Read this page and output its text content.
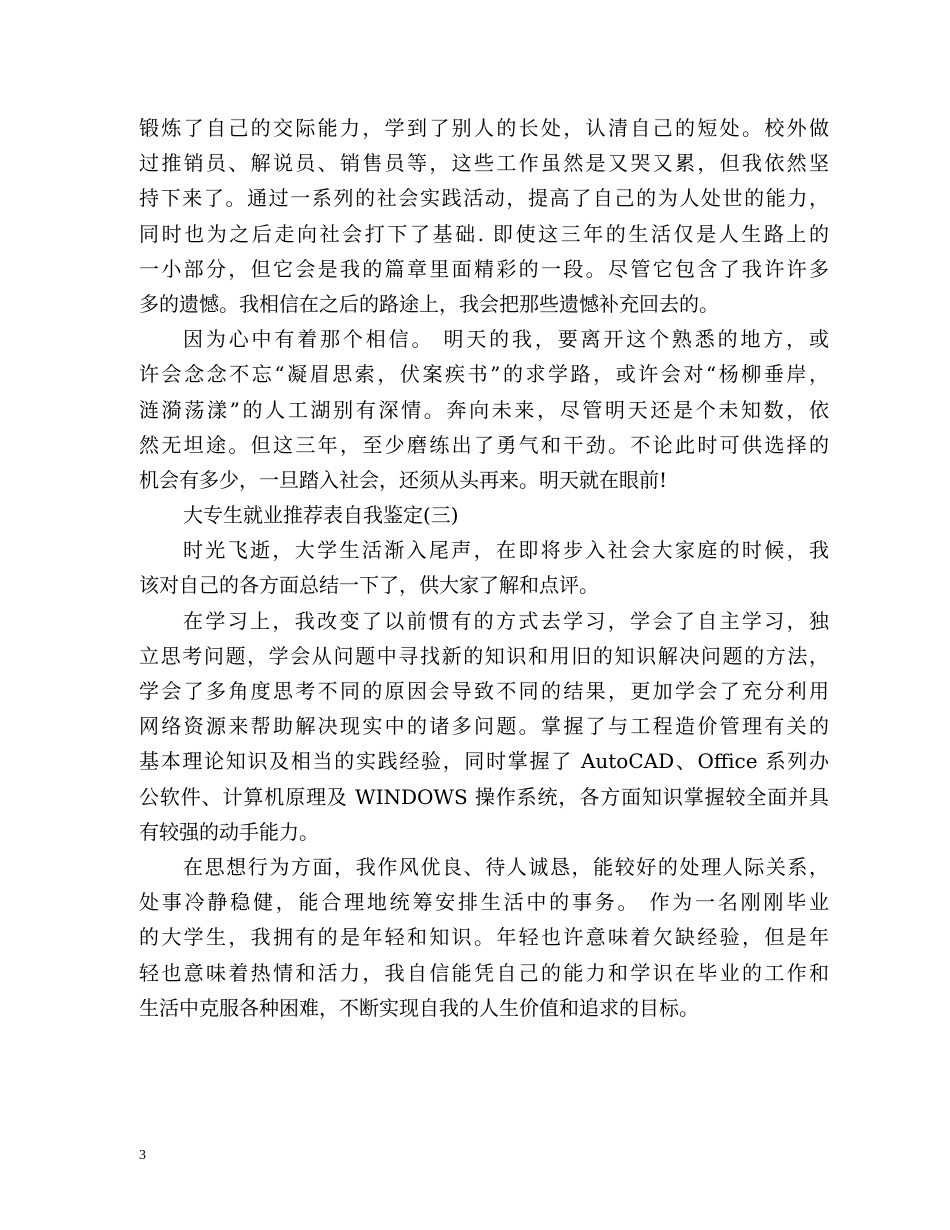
锻炼了自己的交际能力，学到了别人的长处，认清自己的短处。校外做
过推销员、解说员、销售员等，这些工作虽然是又哭又累，但我依然坚
持下来了。通过一系列的社会实践活动，提高了自己的为人处世的能力，
同时也为之后走向社会打下了基础. 即使这三年的生活仅是人生路上的
一小部分，但它会是我的篇章里面精彩的一段。尽管它包含了我许许多
多的遗憾。我相信在之后的路途上，我会把那些遗憾补充回去的。
因为心中有着那个相信。 明天的我，要离开这个熟悉的地方，或
许会念念不忘“凝眉思索，伏案疾书”的求学路，或许会对“杨柳垂岸，
涟漪荡漾”的人工湖别有深情。奔向未来，尽管明天还是个未知数，依
然无坦途。但这三年，至少磨练出了勇气和干劲。不论此时可供选择的
机会有多少，一旦踏入社会，还须从头再来。明天就在眼前!
大专生就业推荐表自我鉴定(三)
时光飞逝，大学生活渐入尾声，在即将步入社会大家庭的时候，我
该对自己的各方面总结一下了，供大家了解和点评。
在学习上，我改变了以前惯有的方式去学习，学会了自主学习，独
立思考问题，学会从问题中寻找新的知识和用旧的知识解决问题的方法，
学会了多角度思考不同的原因会导致不同的结果，更加学会了充分利用
网络资源来帮助解决现实中的诸多问题。掌握了与工程造价管理有关的
基本理论知识及相当的实践经验，同时掌握了 AutoCAD、Office 系列办
公软件、计算机原理及 WINDOWS 操作系统，各方面知识掌握较全面并具
有较强的动手能力。
在思想行为方面，我作风优良、待人诚恳，能较好的处理人际关系，
处事冷静稳健，能合理地统筹安排生活中的事务。 作为一名刚刚毕业
的大学生，我拥有的是年轻和知识。年轻也许意味着欠缺经验，但是年
轻也意味着热情和活力，我自信能凭自己的能力和学识在毕业的工作和
生活中克服各种困难，不断实现自我的人生价值和追求的目标。
3
